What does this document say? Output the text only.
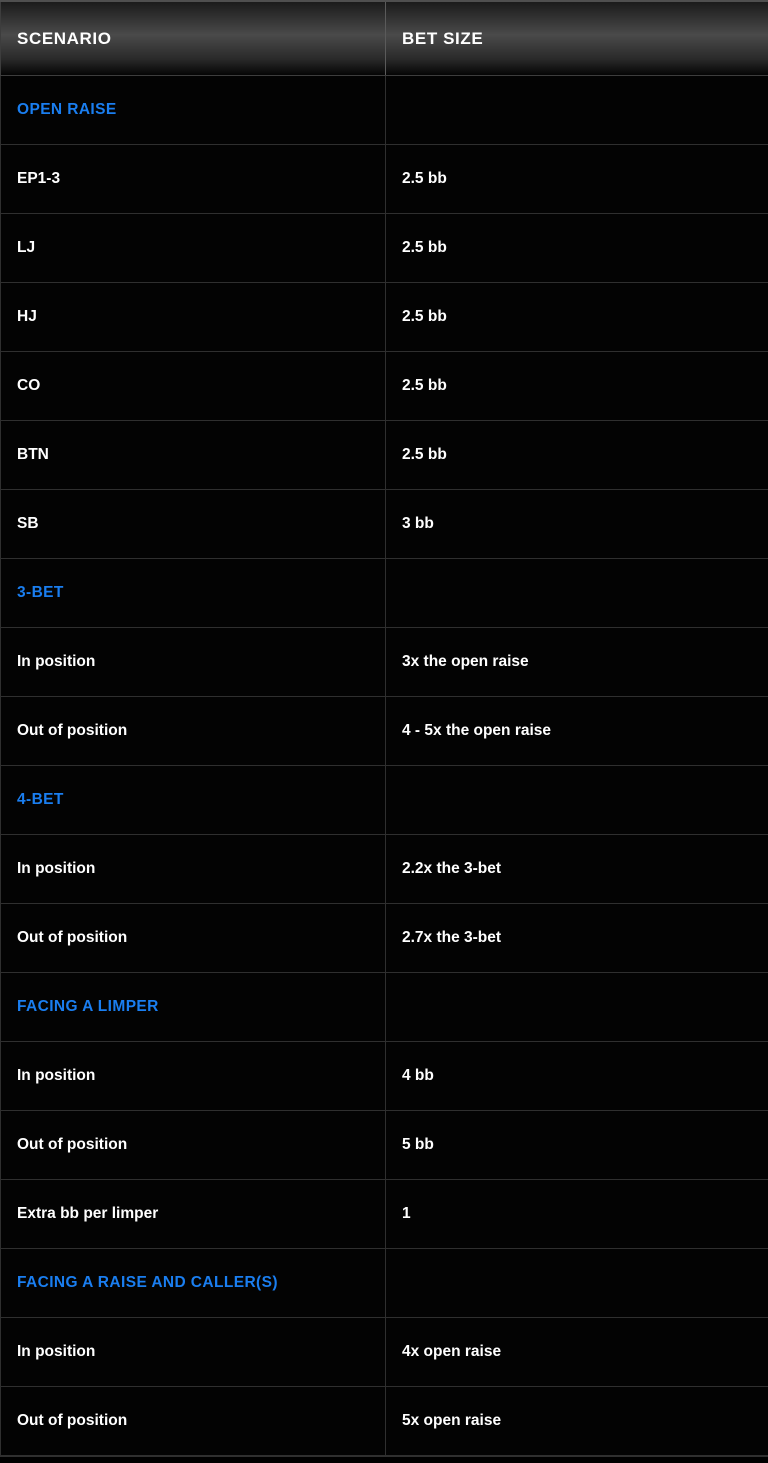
SCENARIO	BET SIZE
OPEN RAISE	
EP1-3	2.5 bb
LJ	2.5 bb
HJ	2.5 bb
CO	2.5 bb
BTN	2.5 bb
SB	3 bb
3-BET	
In position	3x the open raise
Out of position	4 - 5x the open raise
4-BET	
In position	2.2x the 3-bet
Out of position	2.7x the 3-bet
FACING A LIMPER	
In position	4 bb
Out of position	5 bb
Extra bb per limper	1
FACING A RAISE AND CALLER(S)	
In position	4x open raise
Out of position	5x open raise
